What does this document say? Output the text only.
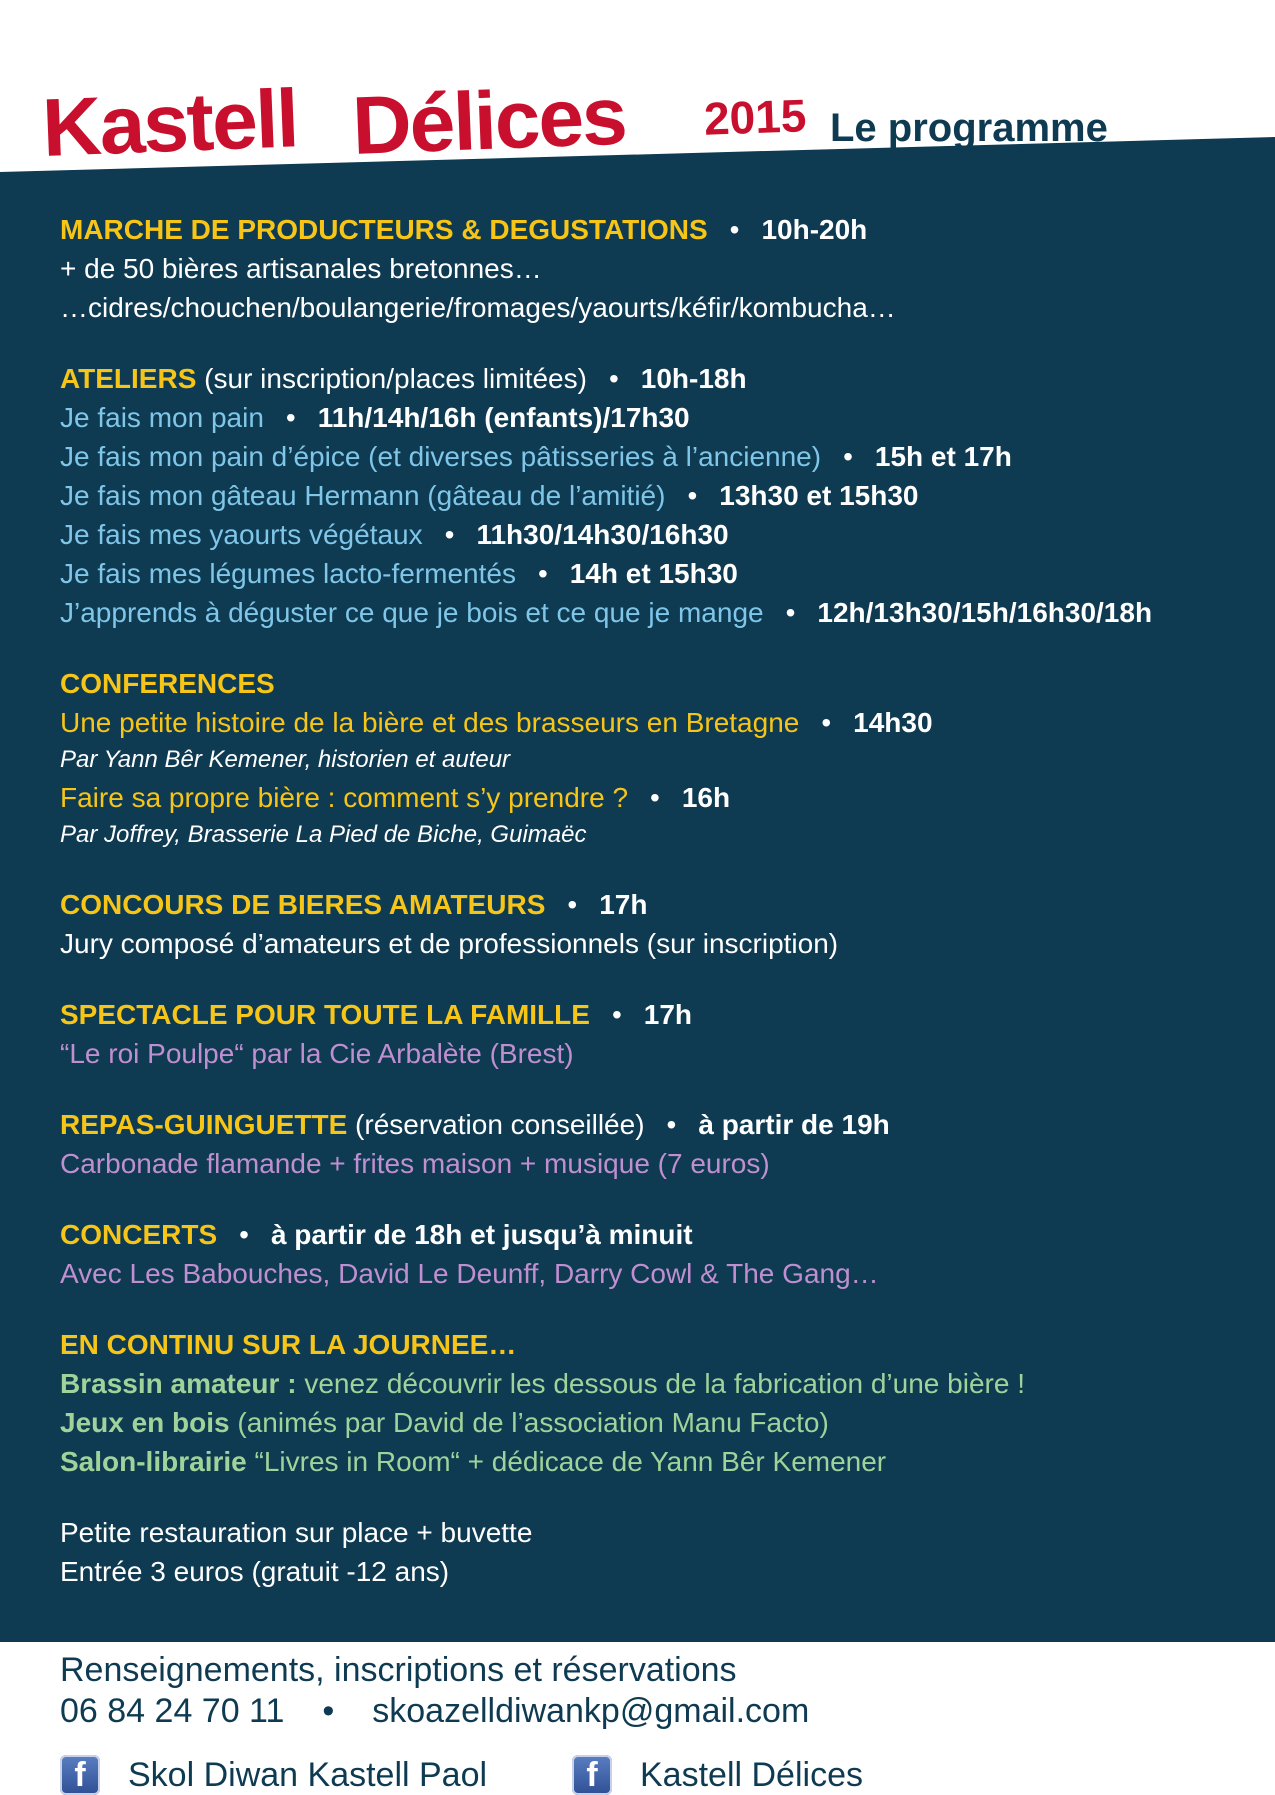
Kastell Délices 2015 Le programme
MARCHE DE PRODUCTEURS & DEGUSTATIONS • 10h-20h
+ de 50 bières artisanales bretonnes…
…cidres/chouchen/boulangerie/fromages/yaourts/kéfir/kombucha…
ATELIERS (sur inscription/places limitées) • 10h-18h
Je fais mon pain • 11h/14h/16h (enfants)/17h30
Je fais mon pain d’épice (et diverses pâtisseries à l’ancienne) • 15h et 17h
Je fais mon gâteau Hermann (gâteau de l’amitié) • 13h30 et 15h30
Je fais mes yaourts végétaux • 11h30/14h30/16h30
Je fais mes légumes lacto-fermentés • 14h et 15h30
J’apprends à déguster ce que je bois et ce que je mange • 12h/13h30/15h/16h30/18h
CONFERENCES
Une petite histoire de la bière et des brasseurs en Bretagne • 14h30
Par Yann Bêr Kemener, historien et auteur
Faire sa propre bière : comment s’y prendre ? • 16h
Par Joffrey, Brasserie La Pied de Biche, Guimaëc
CONCOURS DE BIERES AMATEURS • 17h
Jury composé d’amateurs et de professionnels (sur inscription)
SPECTACLE POUR TOUTE LA FAMILLE • 17h
“Le roi Poulpe“ par la Cie Arbalète (Brest)
REPAS-GUINGUETTE (réservation conseillée) • à partir de 19h
Carbonade flamande + frites maison + musique (7 euros)
CONCERTS • à partir de 18h et jusqu’à minuit
Avec Les Babouches, David Le Deunff, Darry Cowl & The Gang…
EN CONTINU SUR LA JOURNEE…
Brassin amateur : venez découvrir les dessous de la fabrication d’une bière !
Jeux en bois (animés par David de l’association Manu Facto)
Salon-librairie “Livres in Room“ + dédicace de Yann Bêr Kemener
Petite restauration sur place + buvette
Entrée 3 euros (gratuit -12 ans)
Renseignements, inscriptions et réservations
06 84 24 70 11 • skoazelldiwankp@gmail.com
f	Skol Diwan Kastell Paol	f	Kastell Délices
